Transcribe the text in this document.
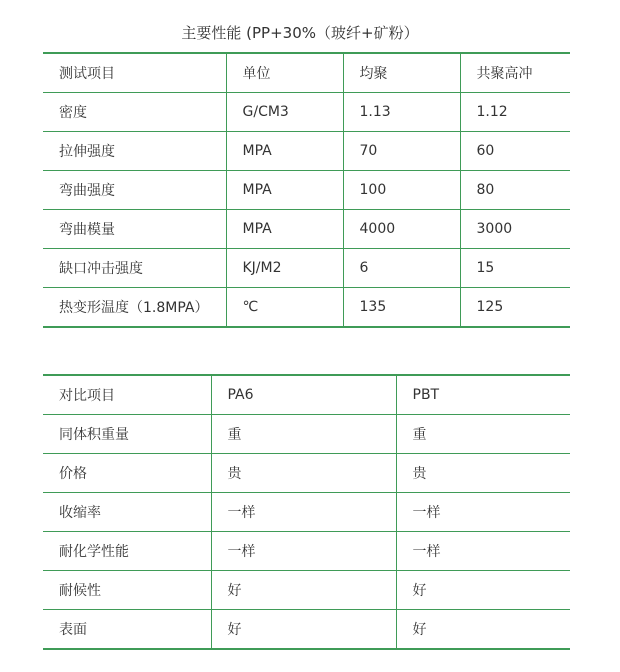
主要性能 (PP+30%（玻纤+矿粉）
测试项目	单位	均聚	共聚高冲
密度	G/CM3	1.13	1.12
拉伸强度	MPA	70	60
弯曲强度	MPA	100	80
弯曲模量	MPA	4000	3000
缺口冲击强度	KJ/M2	6	15
热变形温度（1.8MPA）	℃	135	125
对比项目	PA6	PBT
同体积重量	重	重
价格	贵	贵
收缩率	一样	一样
耐化学性能	一样	一样
耐候性	好	好
表面	好	好
